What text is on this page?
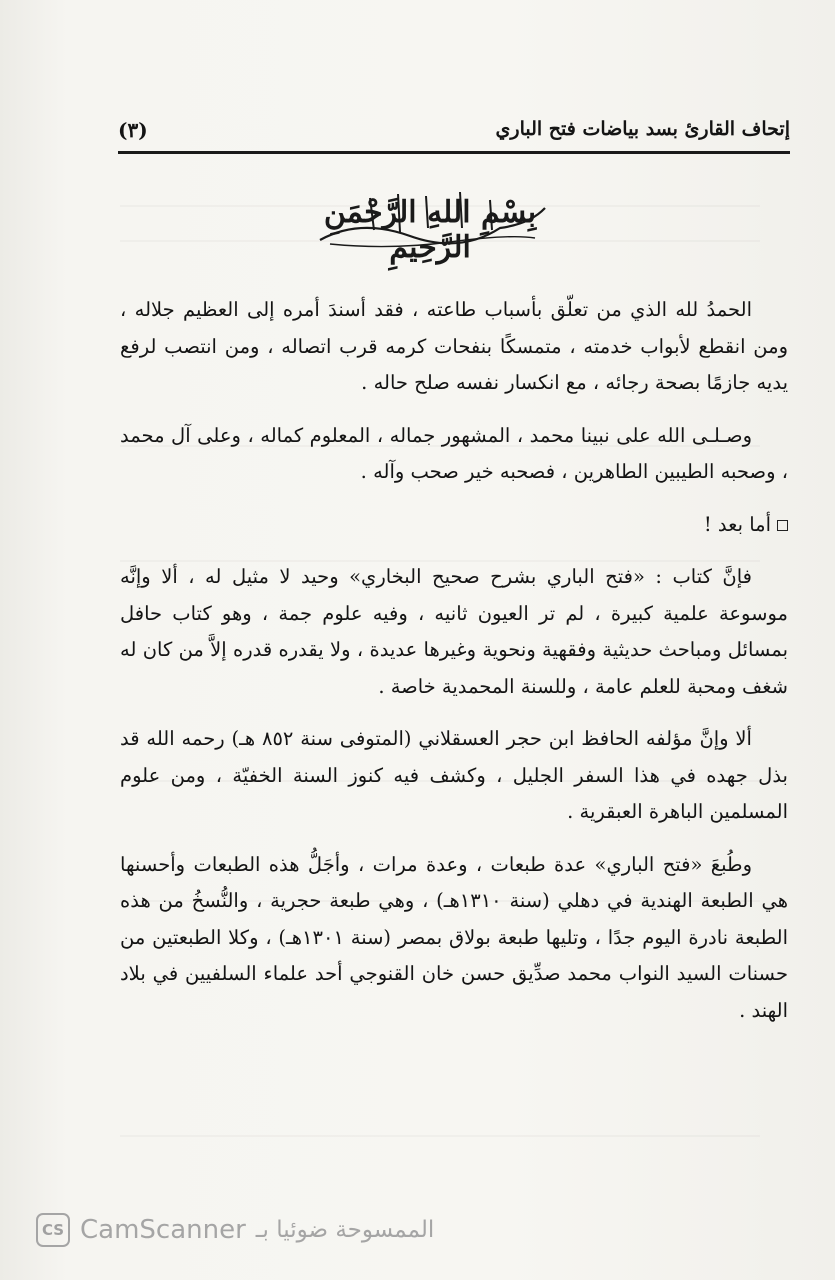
إتحاف القارئ بسد بياضات فتح الباري
(٣)
بِسْمِ اللهِ الرَّحْمَنِ الرَّحِيمِ

الحمدُ لله الذي من تعلّق بأسباب طاعته ، فقد أسندَ أمره إلى العظيم جلاله ، ومن انقطع لأبواب خدمته ، متمسكًا بنفحات كرمه قرب اتصاله ، ومن انتصب لرفع يديه جازمًا بصحة رجائه ، مع انكسار نفسه صلح حاله .

وصـلـى الله على نبينا محمد ، المشهور جماله ، المعلوم كماله ، وعلى آل محمد ، وصحبه الطيبين الطاهرين ، فصحبه خير صحب وآله .

أما بعد !

فإنَّ كتاب : «فتح الباري بشرح صحيح البخاري» وحيد لا مثيل له ، ألا وإنَّه موسوعة علمية كبيرة ، لم تر العيون ثانيه ، وفيه علوم جمة ، وهو كتاب حافل بمسائل ومباحث حديثية وفقهية ونحوية وغيرها عديدة ، ولا يقدره قدره إلاَّ من كان له شغف ومحبة للعلم عامة ، وللسنة المحمدية خاصة .

ألا وإنَّ مؤلفه الحافظ ابن حجر العسقلاني (المتوفى سنة ٨٥٢ هـ) رحمه الله قد بذل جهده في هذا السفر الجليل ، وكشف فيه كنوز السنة الخفيّة ، ومن علوم المسلمين الباهرة العبقرية .

وطُبعَ «فتح الباري» عدة طبعات ، وعدة مرات ، وأجَلُّ هذه الطبعات وأحسنها هي الطبعة الهندية في دهلي (سنة ١٣١٠هـ) ، وهي طبعة حجرية ، والنُّسخُ من هذه الطبعة نادرة اليوم جدًا ، وتليها طبعة بولاق بمصر (سنة ١٣٠١هـ) ، وكلا الطبعتين من حسنات السيد النواب محمد صدِّيق حسن خان القنوجي أحد علماء السلفيين في بلاد الهند .

CS CamScanner الممسوحة ضوئيا بـ
